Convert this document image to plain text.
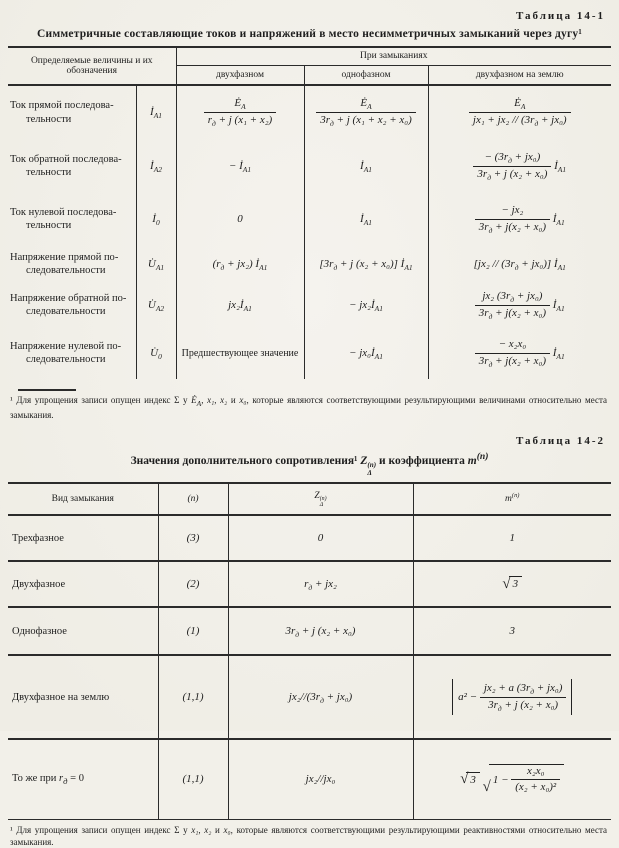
Таблица 14-1
Симметричные составляющие токов и напряжений в место несимметричных замыканий через дугу¹
Определяемые величины и их обозначения		При замыканиях		
		двухфазном	однофазном	двухфазном на землю

Ток прямой последовательности	$İ_{A1}$	$\frac{Ė_A}{r_д + j (x_1 + x_2)}$	$\frac{Ė_A}{3r_д + j (x_1 + x_2 + x_0)}$	$\frac{Ė_A}{jx_1 + jx_2 // (3r_д + jx_0)}$

Ток обратной последовательности	$İ_{A2}$	− $İ_{A1}$	$İ_{A1}$	$\frac{- (3r_д + jx_0)}{3r_д + j (x_2 + x_0)}$ $İ_{A1}$

Ток нулевой последовательности	$İ_0$	0	$İ_{A1}$	$\frac{\text{− jx₂}}{3r_д + j(x_2 + x_0)}$ $İ_{A1}$

Напряжение прямой последовательности	$U̇_{A1}$	$(r_д + jx_2)$ $İ_{A1}$	[$3r_д + j$ (x₂ + x₀)] $İ_{A1}$	$[jx_2 // (3r_д + jx_0)]$ $İ_{A1}$

Напряжение обратной последовательности	$U̇_{A2}$	$jx_2İ_{A1}$	− $jx_2İ_{A1}$	$\frac{jx_2 (3r_д + jx_0)}{3r_д + j(x_2 + x_0)}$ $İ_{A1}$

Напряжение нулевой последовательности	$U̇_0$	Предшествующее значение	− $jx_0İ_{A1}$	$\frac{\text{− x₂x₀}}{3r_д + j(x_2 + x_0)}$ $İ_{A1}$
¹ Для упрощения записи опущен индекс Σ у $Ė_A$, x₁, x₂ и x₀, которые являются соответствующими результирующими величинами относительно места замыкания.
Таблица 14-2
Значения дополнительного сопротивления¹ Z (n)
Δ
и коэффициента $m^{(n)}$
Вид замыкания	(n)	Z (n)
Δ	$m^{(n)}$
Трехфазное	(3)	0	1
Двухфазное	(2)	$r_д + jx_2$	√ 3

Однофазное	(1)	$3r_д + j$ (x₂ + x₀)	3
Двухфазное на землю	(1,1)	jx₂/$/(3r_д + jx_0)$	$a^2 - \frac{jx_2 + a (3r_д + jx_0)}{3r_д + j (x_2 + x_0)}$

То же при $r_д = 0$	(1,1)	jx₂//jx₀	√ 3
√ $1 - \frac{\text{x₂x₀}}{\text{(x₂ + x₀)²}}$
¹ Для упрощения записи опущен индекс Σ у x₁, x₂ и x₀, которые являются соответствующими результирующими реактивностями относительно места замыкания.
